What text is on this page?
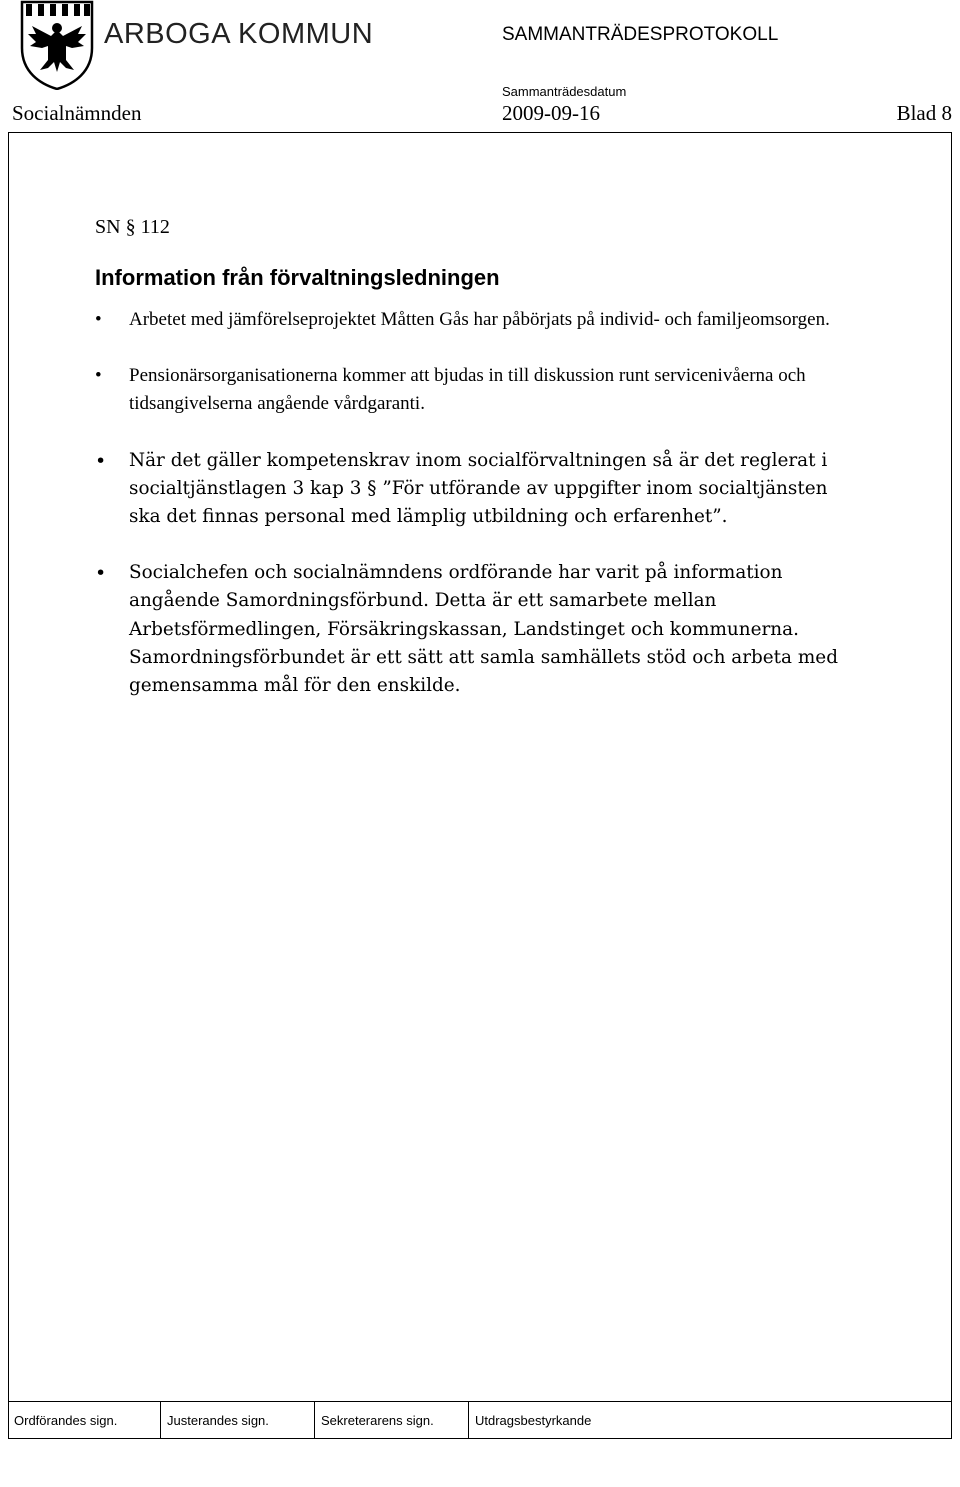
ARBOGA KOMMUN	SAMMANTRÄDESPROTOKOLL
Sammanträdesdatum
Socialnämnden	2009-09-16	Blad 8
SN § 112
Information från förvaltningsledningen
• Arbetet med jämförelseprojektet Måtten Gås har påbörjats på individ- och familjeomsorgen.
• Pensionärsorganisationerna kommer att bjudas in till diskussion runt servicenivåerna och tidsangivelserna angående vårdgaranti.
• När det gäller kompetenskrav inom socialförvaltningen så är det reglerat i socialtjänstlagen 3 kap 3 § ”För utförande av uppgifter inom socialtjänsten ska det finnas personal med lämplig utbildning och erfarenhet”.
• Socialchefen och socialnämndens ordförande har varit på information angående Samordningsförbund. Detta är ett samarbete mellan Arbetsförmedlingen, Försäkringskassan, Landstinget och kommunerna. Samordningsförbundet är ett sätt att samla samhällets stöd och arbeta med gemensamma mål för den enskilde.
Ordförandes sign.	Justerandes sign.	Sekreterarens sign.	Utdragsbestyrkande
